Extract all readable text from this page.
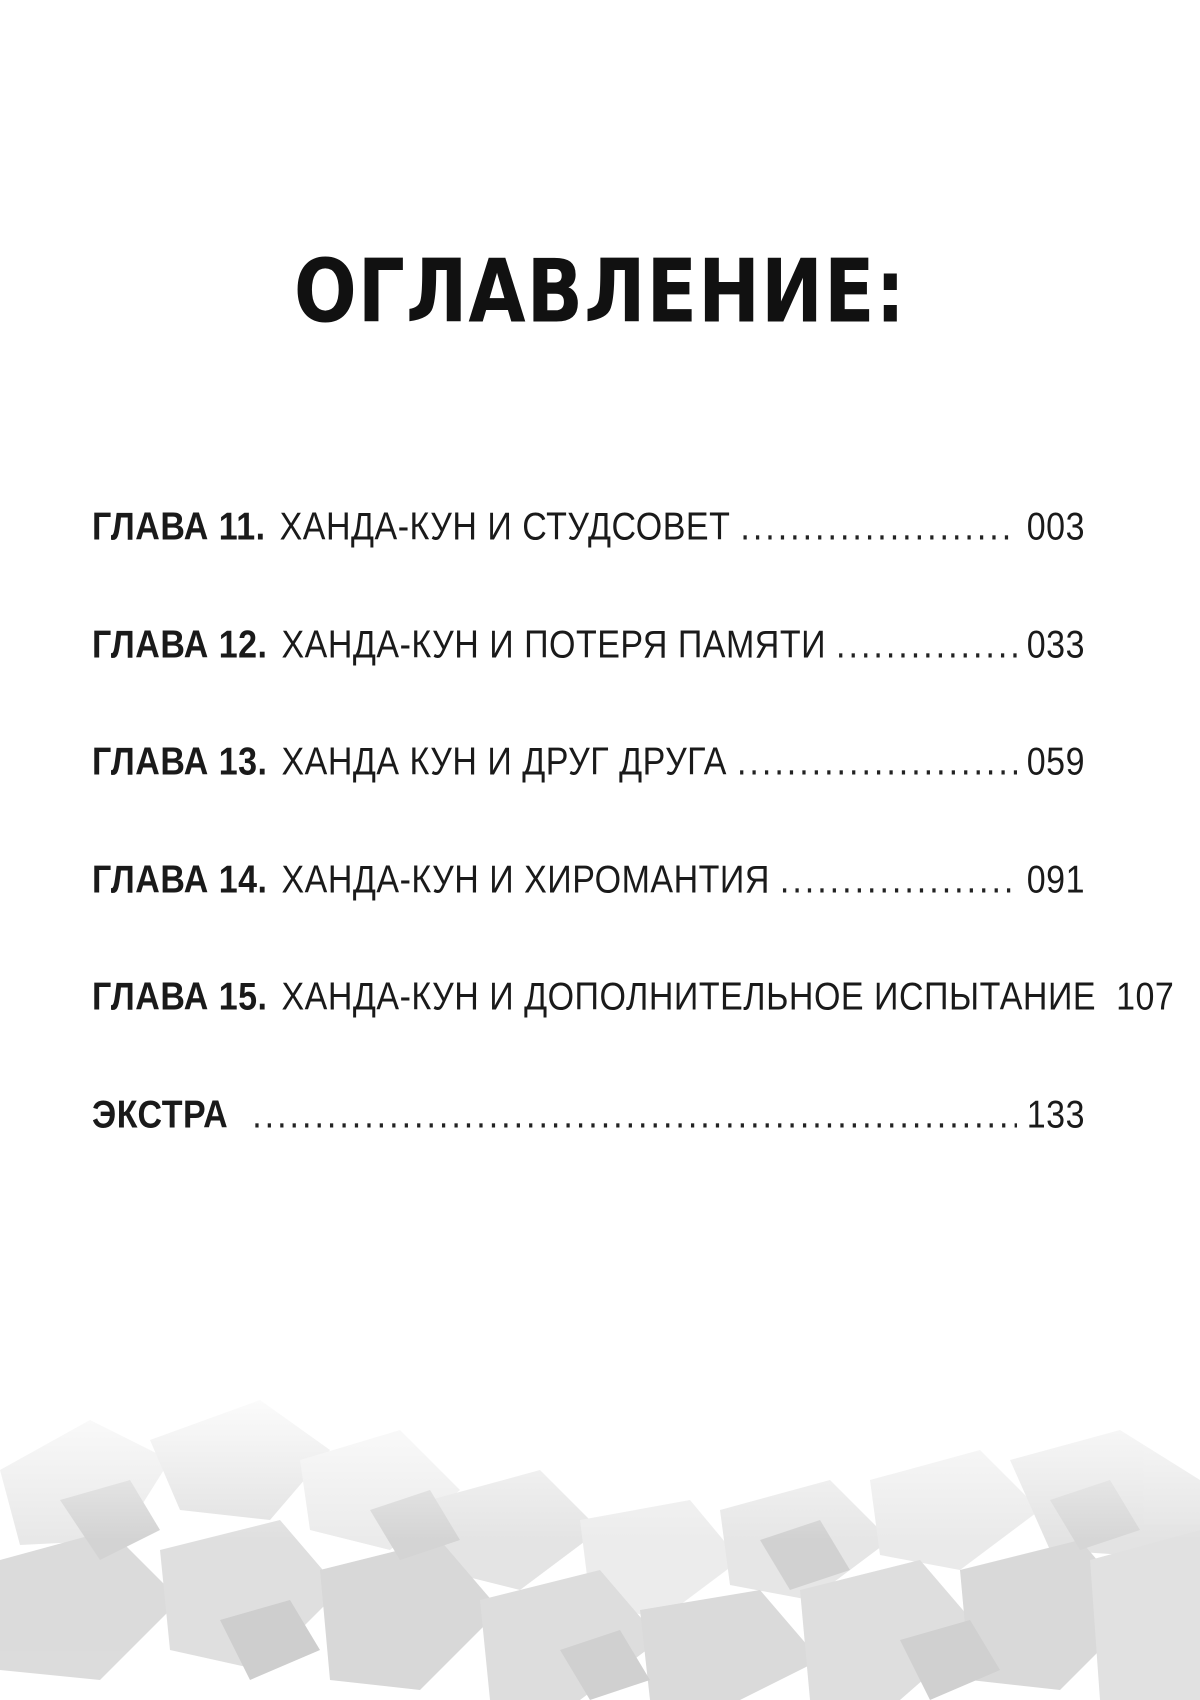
ОГЛАВЛЕНИЕ:
ГЛАВА 11. ХАНДА-КУН И СТУДСОВЕТ .....	003
ГЛАВА 12. ХАНДА-КУН И ПОТЕРЯ ПАМЯТИ .....	033
ГЛАВА 13. ХАНДА КУН И ДРУГ ДРУГА .....	059
ГЛАВА 14. ХАНДА-КУН И ХИРОМАНТИЯ .....	091
ГЛАВА 15. ХАНДА-КУН И ДОПОЛНИТЕЛЬНОЕ ИСПЫТАНИЕ 107
ЭКСТРА .....	133
